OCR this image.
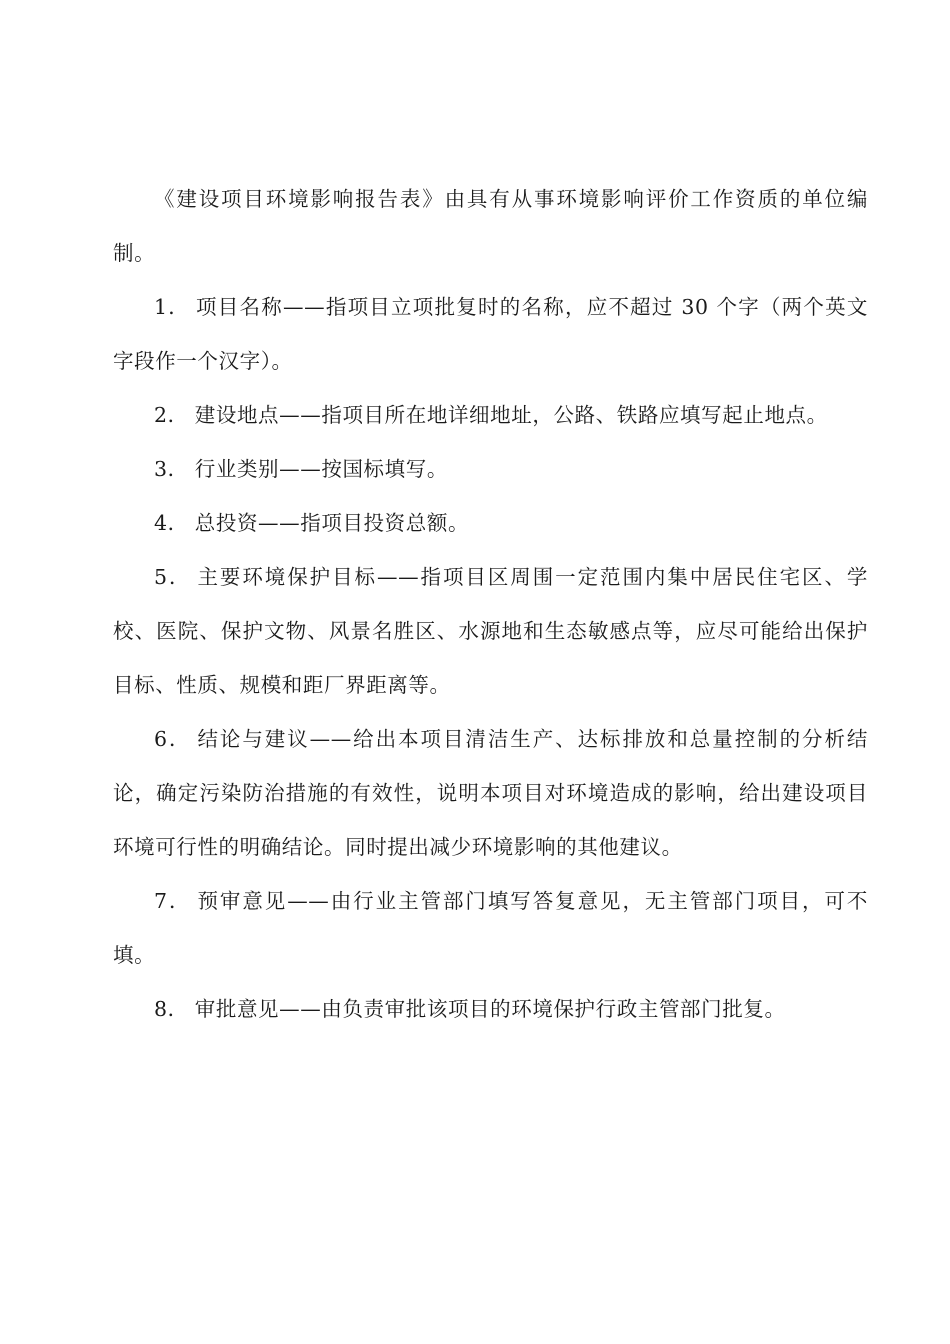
《建设项目环境影响报告表》由具有从事环境影响评价工作资质的单位编制。

1． 项目名称——指项目立项批复时的名称，应不超过 30 个字（两个英文字段作一个汉字）。

2． 建设地点——指项目所在地详细地址，公路、铁路应填写起止地点。

3． 行业类别——按国标填写。

4． 总投资——指项目投资总额。

5． 主要环境保护目标——指项目区周围一定范围内集中居民住宅区、学校、医院、保护文物、风景名胜区、水源地和生态敏感点等，应尽可能给出保护目标、性质、规模和距厂界距离等。

6． 结论与建议——给出本项目清洁生产、达标排放和总量控制的分析结论，确定污染防治措施的有效性，说明本项目对环境造成的影响，给出建设项目环境可行性的明确结论。同时提出减少环境影响的其他建议。

7． 预审意见——由行业主管部门填写答复意见，无主管部门项目，可不填。

8． 审批意见——由负责审批该项目的环境保护行政主管部门批复。
